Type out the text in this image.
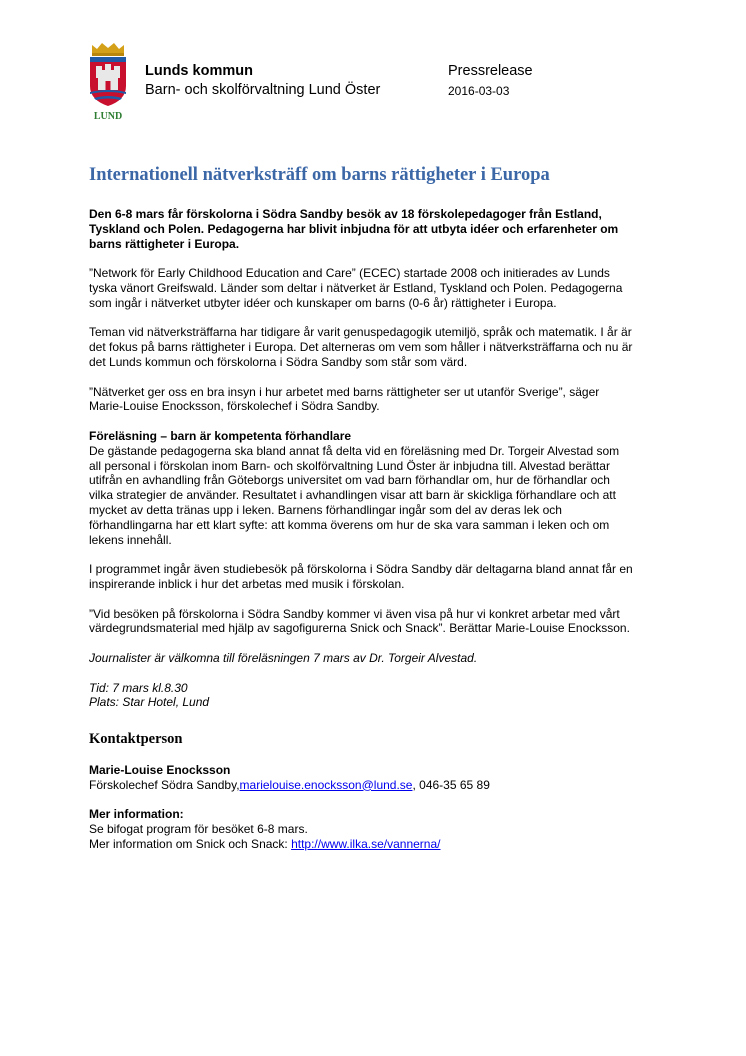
LUND
Lunds kommun
Barn- och skolförvaltning Lund Öster
Pressrelease
2016-03-03
Internationell nätverksträff om barns rättigheter i Europa

Den 6-8 mars får förskolorna i Södra Sandby besök av 18 förskolepedagoger från Estland,
Tyskland och Polen. Pedagogerna har blivit inbjudna för att utbyta idéer och erfarenheter om
barns rättigheter i Europa.

”Network för Early Childhood Education and Care” (ECEC) startade 2008 och initierades av Lunds
tyska vänort Greifswald. Länder som deltar i nätverket är Estland, Tyskland och Polen. Pedagogerna
som ingår i nätverket utbyter idéer och kunskaper om barns (0-6 år) rättigheter i Europa.

Teman vid nätverksträffarna har tidigare år varit genuspedagogik utemiljö, språk och matematik. I år är
det fokus på barns rättigheter i Europa. Det alterneras om vem som håller i nätverksträffarna och nu är
det Lunds kommun och förskolorna i Södra Sandby som står som värd.

”Nätverket ger oss en bra insyn i hur arbetet med barns rättigheter ser ut utanför Sverige”, säger
Marie-Louise Enocksson, förskolechef i Södra Sandby.

Föreläsning – barn är kompetenta förhandlare
De gästande pedagogerna ska bland annat få delta vid en föreläsning med Dr. Torgeir Alvestad som
all personal i förskolan inom Barn- och skolförvaltning Lund Öster är inbjudna till. Alvestad berättar
utifrån en avhandling från Göteborgs universitet om vad barn förhandlar om, hur de förhandlar och
vilka strategier de använder. Resultatet i avhandlingen visar att barn är skickliga förhandlare och att
mycket av detta tränas upp i leken. Barnens förhandlingar ingår som del av deras lek och
förhandlingarna har ett klart syfte: att komma överens om hur de ska vara samman i leken och om
lekens innehåll.

I programmet ingår även studiebesök på förskolorna i Södra Sandby där deltagarna bland annat får en
inspirerande inblick i hur det arbetas med musik i förskolan.

”Vid besöken på förskolorna i Södra Sandby kommer vi även visa på hur vi konkret arbetar med vårt
värdegrundsmaterial med hjälp av sagofigurerna Snick och Snack”. Berättar Marie-Louise Enocksson.

Journalister är välkomna till föreläsningen 7 mars av Dr. Torgeir Alvestad.

Tid: 7 mars kl.8.30
Plats: Star Hotel, Lund

Kontaktperson

Marie-Louise Enocksson
Förskolechef Södra Sandby,marielouise.enocksson@lund.se, 046-35 65 89

Mer information:
Se bifogat program för besöket 6-8 mars.
Mer information om Snick och Snack: http://www.ilka.se/vannerna/
